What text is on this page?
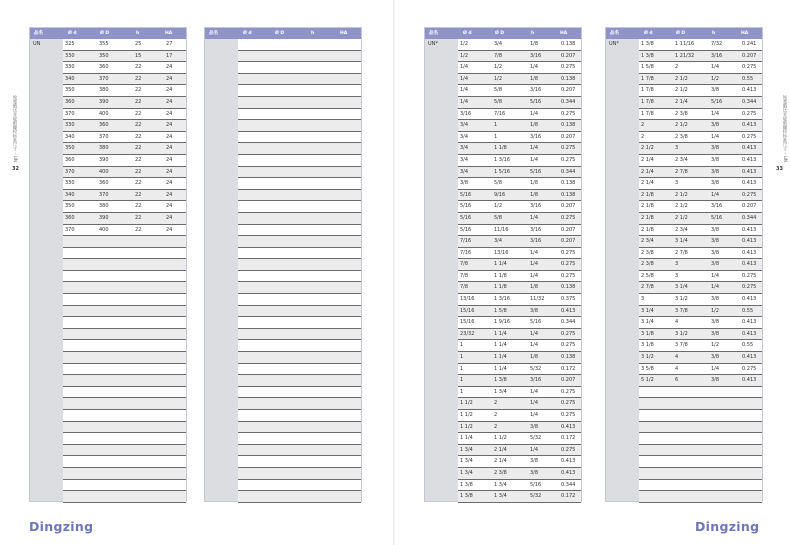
埃塞俄比亚轮毂螺栓标准尺寸 – UN
32
品名	Ø d	Ø D	h	HA
UN	325	355	25	27
330	350	15	17
330	360	22	24
340	370	22	24
350	380	22	24
360	390	22	24
370	400	22	24
330	360	22	24
340	370	22	24
350	380	22	24
360	390	22	24
370	400	22	24
330	360	22	24
340	370	22	24
350	380	22	24
360	390	22	24
370	400	22	24
品名	Ø d	Ø D	h	HA
Dingzing
埃塞俄比亚轮毂螺栓标准尺寸 – UN
33
品名	Ø d	Ø D	h	HA
UN*	1/2	3/4	1/8	0.138
1/2	7/8	3/16	0.207
1/4	1/2	1/4	0.275
1/4	1/2	1/8	0.138
1/4	5/8	3/16	0.207
1/4	5/8	5/16	0.344
3/16	7/16	1/4	0.275
3/4	1	1/8	0.138
3/4	1	3/16	0.207
3/4	1 1/8	1/4	0.275
3/4	1 3/16	1/4	0.275
3/4	1 5/16	5/16	0.344
3/8	5/8	1/8	0.138
5/16	9/16	1/8	0.138
5/16	1/2	3/16	0.207
5/16	5/8	1/4	0.275
5/16	11/16	3/16	0.207
7/16	3/4	3/16	0.207
7/16	13/16	1/4	0.275
7/8	1 1/4	1/4	0.275
7/8	1 1/8	1/4	0.275
7/8	1 1/8	1/8	0.138
13/16	1 3/16	11/32	0.375
15/16	1 5/8	3/8	0.413
15/16	1 9/16	5/16	0.344
23/32	1 1/4	1/4	0.275
1	1 1/4	1/4	0.275
1	1 1/4	1/8	0.138
1	1 1/4	5/32	0.172
1	1 3/8	3/16	0.207
1	1 3/4	1/4	0.275
1 1/2	2	1/4	0.275
1 1/2	2	1/4	0.275
1 1/2	2	3/8	0.413
1 1/4	1 1/2	5/32	0.172
1 3/4	2 1/4	1/4	0.275
1 3/4	2 1/4	3/8	0.413
1 3/4	2 3/8	3/8	0.413
1 3/8	1 3/4	5/16	0.344
1 3/8	1 3/4	5/32	0.172
品名	Ø d	Ø D	h	HA
UN*	1 3/8	1 11/16	7/32	0.241
1 3/8	1 21/32	3/16	0.207
1 5/8	2	1/4	0.275
1 7/8	2 1/2	1/2	0.55
1 7/8	2 1/2	3/8	0.413
1 7/8	2 1/4	5/16	0.344
1 7/8	2 3/8	1/4	0.275
2	2 1/2	3/8	0.413
2	2 3/8	1/4	0.275
2 1/2	3	3/8	0.413
2 1/4	2 3/4	3/8	0.413
2 1/4	2 7/8	3/8	0.413
2 1/4	3	3/8	0.413
2 1/8	2 1/2	1/4	0.275
2 1/8	2 1/2	3/16	0.207
2 1/8	2 1/2	5/16	0.344
2 1/8	2 3/4	3/8	0.413
2 3/4	3 1/4	3/8	0.413
2 3/8	2 7/8	3/8	0.413
2 3/8	3	3/8	0.413
2 5/8	3	1/4	0.275
2 7/8	3 1/4	1/4	0.275
3	3 1/2	3/8	0.413
3 1/4	3 7/8	1/2	0.55
3 1/4	4	3/8	0.413
3 1/8	3 1/2	3/8	0.413
3 1/8	3 7/8	1/2	0.55
3 1/2	4	3/8	0.413
3 5/8	4	1/4	0.275
5 1/2	6	3/8	0.413
Dingzing
